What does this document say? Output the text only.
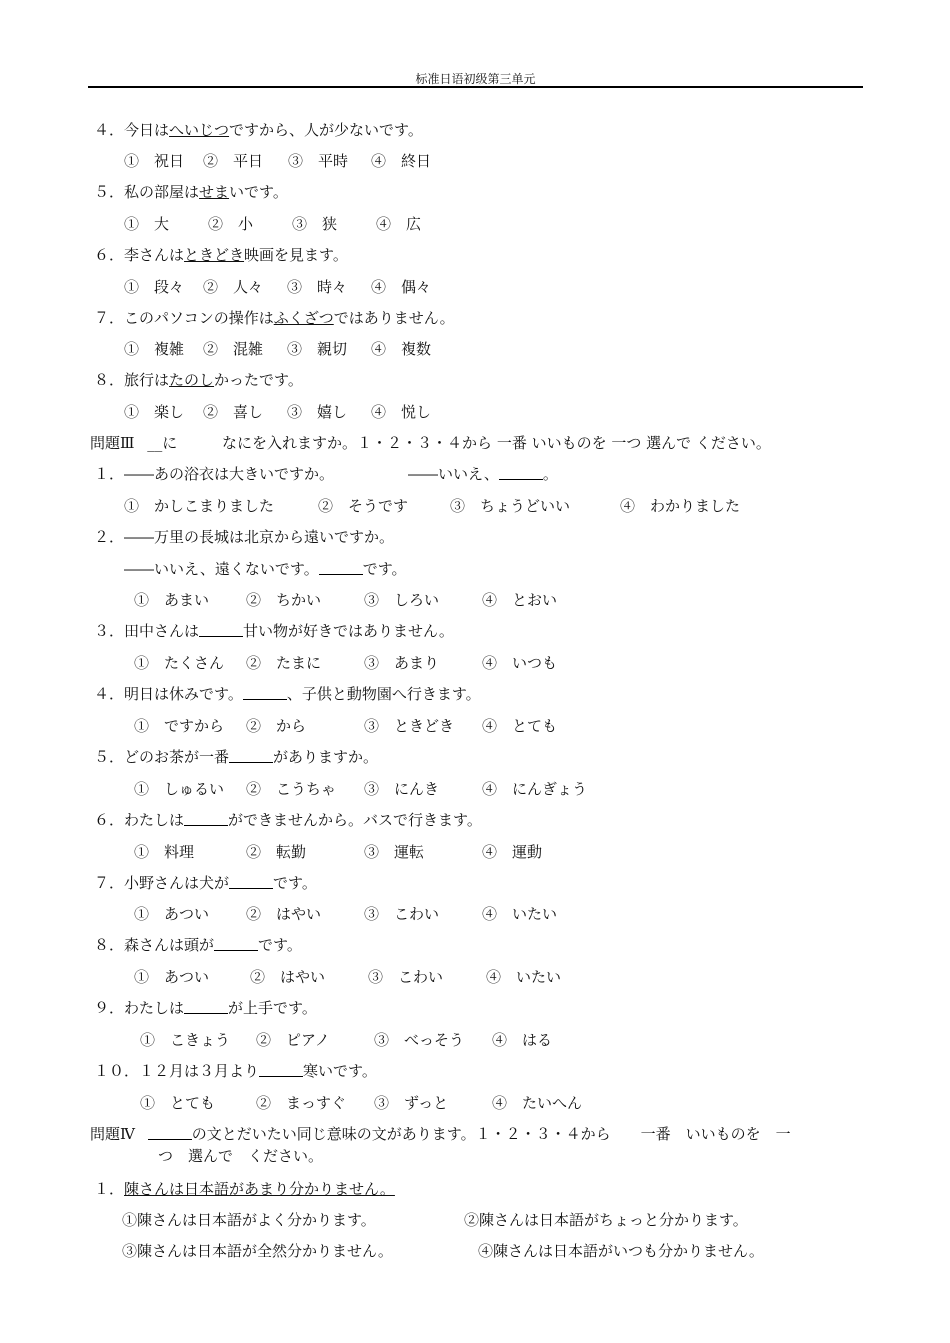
标准日语初级第三单元
４．今日はへいじつですから、人が少ないです。
①　祝日 ②　平日 ③　平時 ④　終日
５．私の部屋はせまいです。
①　大	②　小	③　狭	④　広
６．李さんはときどき映画を見ます。
①　段々 ②　人々 ③　時々 ④　偶々
７．このパソコンの操作はふくざつではありません。
①　複雑 ②　混雑 ③　親切 ④　複数
８．旅行はたのしかったです。
①　楽し ②　喜し ③　嬉し ④　悦し
問題Ⅲ __に	なにを入れますか。１・２・３・４から 一番 いいものを 一つ 選んで ください。
１．――あの浴衣は大きいですか。	――いいえ、	。
①　かしこまりました	②　そうです	③　ちょうどいい	④　わかりました
２．――万里の長城は北京から遠いですか。
――いいえ、遠くないです。	です。
①　あまい ②　ちかい	③　しろい	④　とおい
３．田中さんは	甘い物が好きではありません。
①　たくさん ②　たまに	③　あまり	④　いつも
４．明日は休みです。	、子供と動物園へ行きます。
①　ですから ②　から	③　ときどき ④　とても
５．どのお茶が一番	がありますか。
①　しゅるい ②　こうちゃ ③　にんき	④　にんぎょう
６．わたしは	ができませんから。バスで行きます。
①　料理	②　転勤	③　運転	④　運動
７．小野さんは犬が	です。
①　あつい ②　はやい	③　こわい	④　いたい
８．森さんは頭が	です。
①　あつい	②　はやい	③　こわい	④　いたい
９．わたしは	が上手です。
①　こきょう ②　ピアノ	③　べっそう ④　はる
１０．１２月は３月より	寒いです。
①　とても	②　まっすぐ ③　ずっと	④　たいへん
問題Ⅳ	の文とだいたい同じ意味の文があります。１・２・３・４から　　一番　いいものを　一
つ　選んで　ください。
１．陳さんは日本語があまり分かりません。
①陳さんは日本語がよく分かります。	②陳さんは日本語がちょっと分かります。
③陳さんは日本語が全然分かりません。	④陳さんは日本語がいつも分かりません。
